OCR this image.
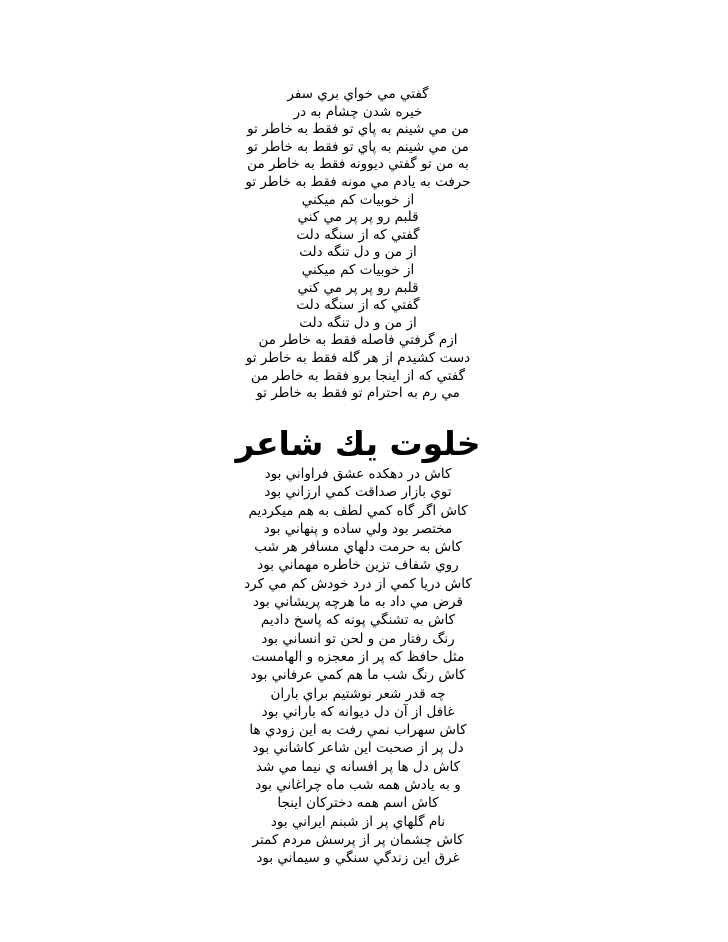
گفتي مي خواي بري سفر
خيره شدن چشام به در
من مي شينم به پاي تو فقط به خاطر تو
من مي شينم به پاي تو فقط به خاطر تو
به من تو گفتي ديوونه فقط به خاطر من
حرفت به يادم مي مونه فقط به خاطر تو
از خوبيات كم ميكني
قلبم رو پر پر مي كني
گفتي كه از سنگه دلت
از من و دل تنگه دلت
از خوبيات كم ميكني
قلبم رو پر پر مي كني
گفتي كه از سنگه دلت
از من و دل تنگه دلت
ازم گرفتي فاصله فقط به خاطر من
دست كشيدم از هر گله فقط به خاطر تو
گفتي كه از اينجا برو فقط به خاطر من
مي رم به احترام تو فقط به خاطر تو
خلوت يك شاعر
كاش در دهكده عشق فراواني بود
توي بازار صداقت كمي ارزاني بود
كاش اگر گاه كمي لطف به هم ميكرديم
مختصر بود ولي ساده و پنهاني بود
كاش به حرمت دلهاي مسافر هر شب
روي شفاف تزين خاطره مهماني بود
كاش دريا كمي از درد خودش كم مي كرد
قرض مي داد به ما هرچه پريشاني بود
كاش به تشنگي پونه كه پاسخ داديم
رنگ رفتار من و لحن تو انساني بود
مثل حافظ كه پر از معجزه و الهامست
كاش رنگ شب ما هم كمي عرفاني بود
چه قدر شعر نوشتيم براي باران
غافل از آن دل ديوانه كه باراني بود
كاش سهراب نمي رفت به اين زودي ها
دل پر از صحبت اين شاعر كاشاني بود
كاش دل ها پر افسانه ي نيما مي شد
و به يادش همه شب ماه چراغاني بود
كاش اسم همه دختركان اينجا
نام گلهاي پر از شبنم ايراني بود
كاش چشمان پر از پرسش مردم كمتر
غرق اين زندگي سنگي و سيماني بود
